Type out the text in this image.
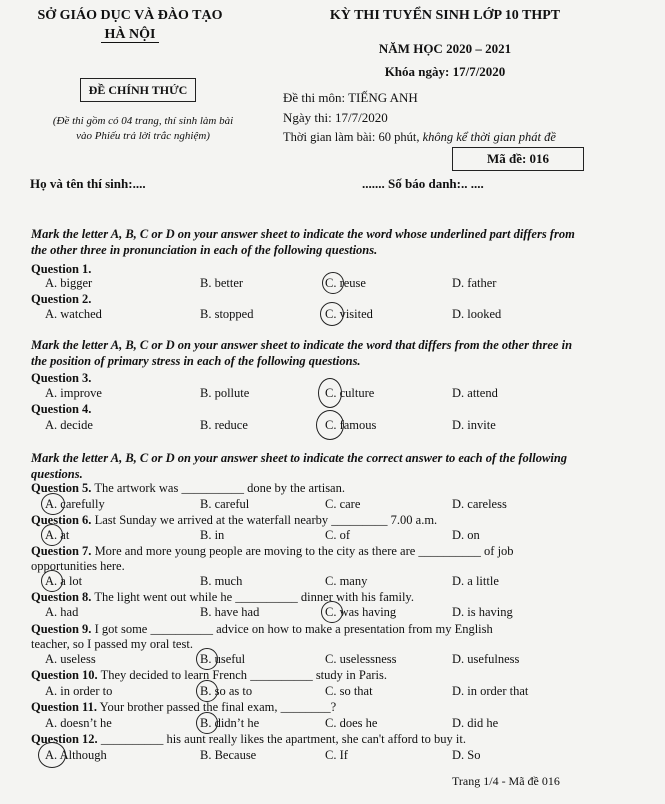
SỞ GIÁO DỤC VÀ ĐÀO TẠO
HÀ NỘI
ĐỀ CHÍNH THỨC
(Đề thi gồm có 04 trang, thí sinh làm bài
vào Phiếu trả lời trắc nghiệm)
KỲ THI TUYỂN SINH LỚP 10 THPT
NĂM HỌC 2020 – 2021
Khóa ngày: 17/7/2020
Đề thi môn: TIẾNG ANH
Ngày thi: 17/7/2020
Thời gian làm bài: 60 phút, không kể thời gian phát đề
Mã đề: 016
Họ và tên thí sinh:....	....... Số báo danh:.. ....
Mark the letter A, B, C or D on your answer sheet to indicate the word whose underlined part differs from the other three in pronunciation in each of the following questions.
Question 1.
A. bigger	B. better	C. reuse	D. father
Question 2.
A. watched	B. stopped	C. visited	D. looked
Mark the letter A, B, C or D on your answer sheet to indicate the word that differs from the other three in the position of primary stress in each of the following questions.
Question 3.
A. improve	B. pollute	C. culture	D. attend
Question 4.
A. decide	B. reduce	C. famous	D. invite
Mark the letter A, B, C or D on your answer sheet to indicate the correct answer to each of the following questions.
Question 5. The artwork was __________ done by the artisan.
A. carefully	B. careful	C. care	D. careless
Question 6. Last Sunday we arrived at the waterfall nearby _________ 7.00 a.m.
A. at	B. in	C. of	D. on
Question 7. More and more young people are moving to the city as there are __________ of job
opportunities here.
A. a lot	B. much	C. many	D. a little
Question 8. The light went out while he __________ dinner with his family.
A. had	B. have had	C. was having	D. is having
Question 9. I got some __________ advice on how to make a presentation from my English
teacher, so I passed my oral test.
A. useless	B. useful	C. uselessness	D. usefulness
Question 10. They decided to learn French __________ study in Paris.
A. in order to	B. so as to	C. so that	D. in order that
Question 11. Your brother passed the final exam, ________?
A. doesn’t he	B. didn’t he	C. does he	D. did he
Question 12. __________ his aunt really likes the apartment, she can't afford to buy it.
A. Although	B. Because	C. If	D. So
Trang 1/4 - Mã đề 016
